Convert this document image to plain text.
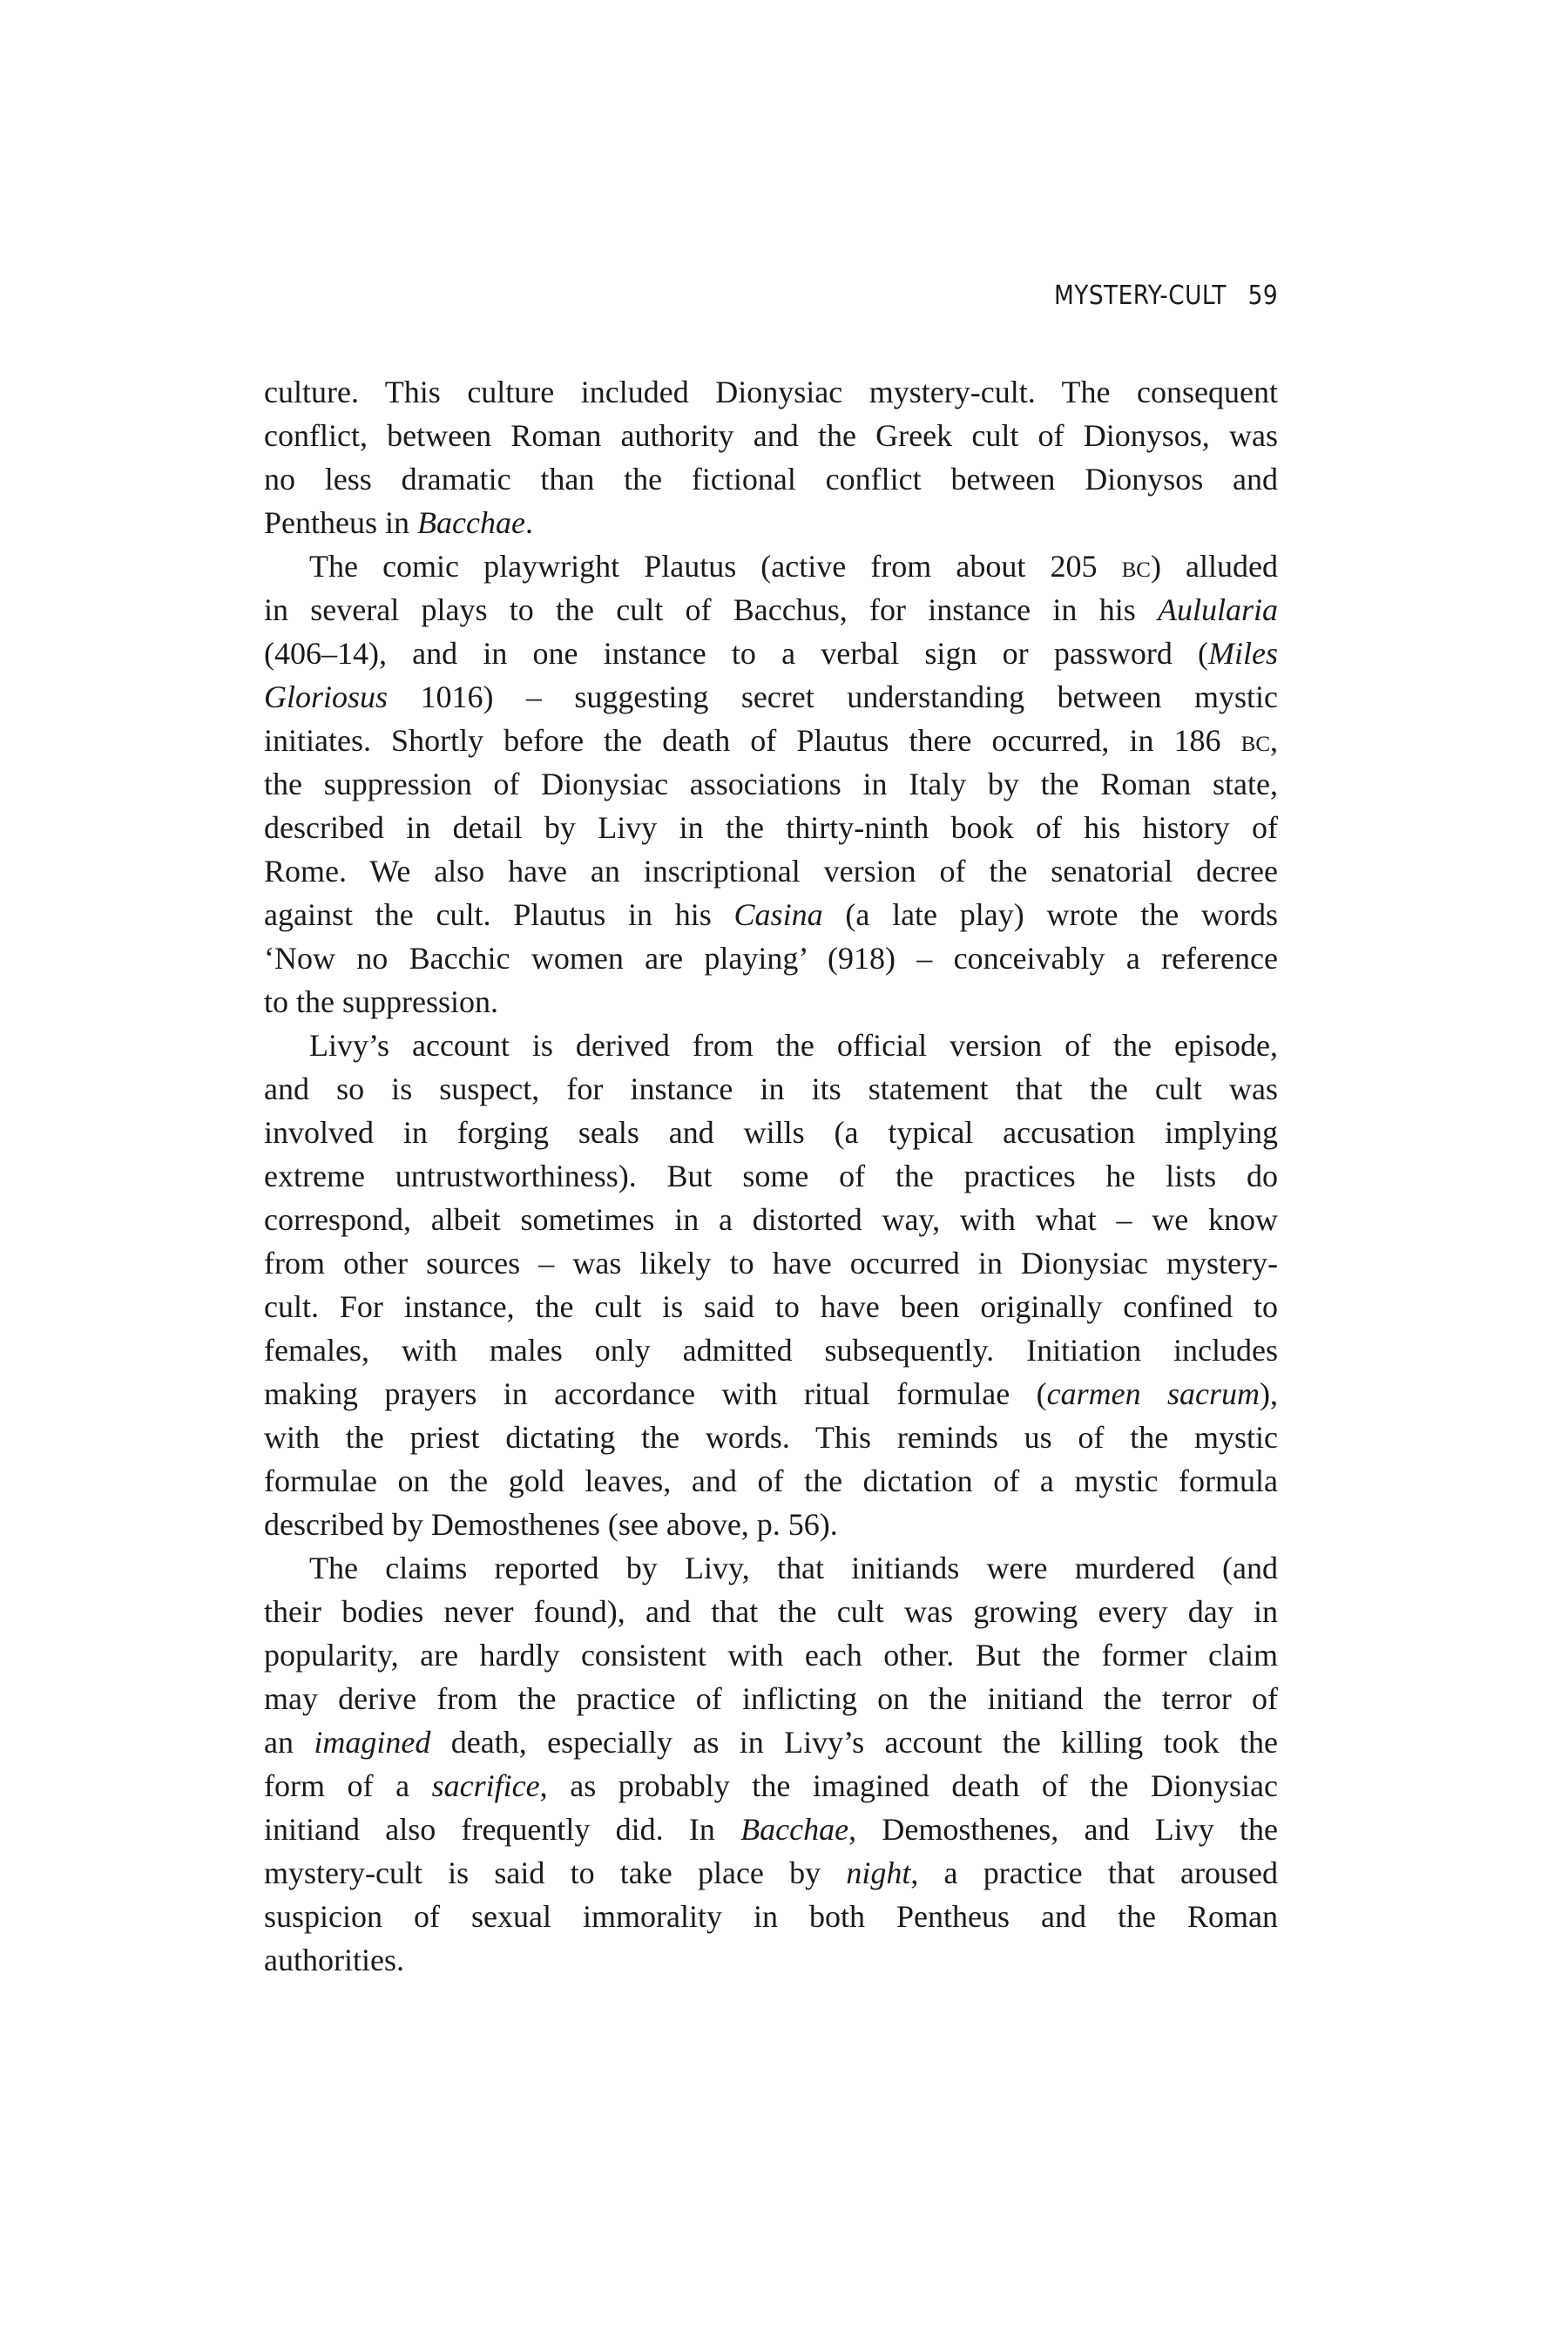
MYSTERY-CULT 59
culture. This culture included Dionysiac mystery-cult. The consequent
conflict, between Roman authority and the Greek cult of Dionysos, was
no less dramatic than the fictional conflict between Dionysos and
Pentheus in Bacchae.
The comic playwright Plautus (active from about 205 bc) alluded
in several plays to the cult of Bacchus, for instance in his Aulularia
(406–14), and in one instance to a verbal sign or password (Miles
Gloriosus 1016) – suggesting secret understanding between mystic
initiates. Shortly before the death of Plautus there occurred, in 186 bc,
the suppression of Dionysiac associations in Italy by the Roman state,
described in detail by Livy in the thirty-ninth book of his history of
Rome. We also have an inscriptional version of the senatorial decree
against the cult. Plautus in his Casina (a late play) wrote the words
‘Now no Bacchic women are playing’ (918) – conceivably a reference
to the suppression.
Livy’s account is derived from the official version of the episode,
and so is suspect, for instance in its statement that the cult was
involved in forging seals and wills (a typical accusation implying
extreme untrustworthiness). But some of the practices he lists do
correspond, albeit sometimes in a distorted way, with what – we know
from other sources – was likely to have occurred in Dionysiac mystery-
cult. For instance, the cult is said to have been originally confined to
females, with males only admitted subsequently. Initiation includes
making prayers in accordance with ritual formulae (carmen sacrum),
with the priest dictating the words. This reminds us of the mystic
formulae on the gold leaves, and of the dictation of a mystic formula
described by Demosthenes (see above, p. 56).
The claims reported by Livy, that initiands were murdered (and
their bodies never found), and that the cult was growing every day in
popularity, are hardly consistent with each other. But the former claim
may derive from the practice of inflicting on the initiand the terror of
an imagined death, especially as in Livy’s account the killing took the
form of a sacrifice, as probably the imagined death of the Dionysiac
initiand also frequently did. In Bacchae, Demosthenes, and Livy the
mystery-cult is said to take place by night, a practice that aroused
suspicion of sexual immorality in both Pentheus and the Roman
authorities.
